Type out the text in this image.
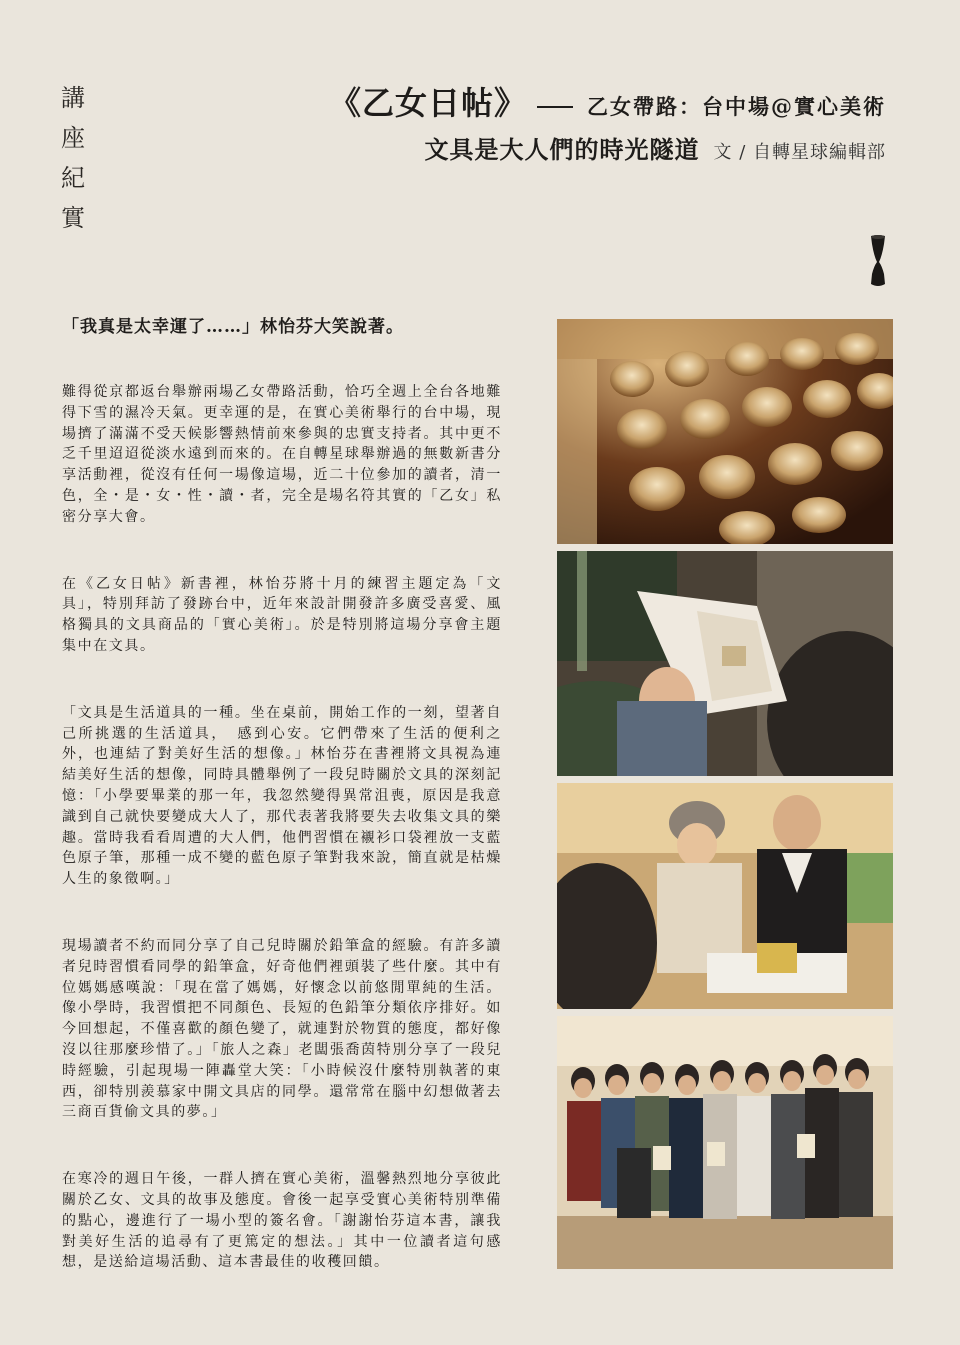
講
座
紀
實
《乙女日帖》	乙女帶路：台中場@實心美術
文具是大人們的時光隧道 文 / 自轉星球編輯部

「我真是太幸運了……」林怡芬大笑說著。

難得從京都返台舉辦兩場乙女帶路活動，恰巧全週上全台各地難得下雪的濕冷天氣。更幸運的是，在實心美術舉行的台中場，現場擠了滿滿不受天候影響熱情前來參與的忠實支持者。其中更不乏千里迢迢從淡水遠到而來的。在自轉星球舉辦過的無數新書分享活動裡，從沒有任何一場像這場，近二十位參加的讀者，清一色，全・是・女・性・讀・者，完全是場名符其實的「乙女」私密分享大會。

在《乙女日帖》新書裡，林怡芬將十月的練習主題定為「文具」，特別拜訪了發跡台中，近年來設計開發許多廣受喜愛、風格獨具的文具商品的「實心美術」。於是特別將這場分享會主題集中在文具。

「文具是生活道具的一種。坐在桌前，開始工作的一刻，望著自己所挑選的生活道具，　感到心安。它們帶來了生活的便利之外，也連結了對美好生活的想像。」林怡芬在書裡將文具視為連結美好生活的想像，同時具體舉例了一段兒時關於文具的深刻記憶：「小學要畢業的那一年，我忽然變得異常沮喪，原因是我意識到自己就快要變成大人了，那代表著我將要失去收集文具的樂趣。當時我看看周遭的大人們，他們習慣在襯衫口袋裡放一支藍色原子筆，那種一成不變的藍色原子筆對我來說，簡直就是枯燥人生的象徵啊。」

現場讀者不約而同分享了自己兒時關於鉛筆盒的經驗。有許多讀者兒時習慣看同學的鉛筆盒，好奇他們裡頭裝了些什麼。其中有位媽媽感嘆說：「現在當了媽媽，好懷念以前悠閒單純的生活。像小學時，我習慣把不同顏色、長短的色鉛筆分類依序排好。如今回想起，不僅喜歡的顏色變了，就連對於物質的態度，都好像沒以往那麼珍惜了。」「旅人之森」老闆張喬茵特別分享了一段兒時經驗，引起現場一陣轟堂大笑：「小時候沒什麼特別執著的東西，卻特別羨慕家中開文具店的同學。還常常在腦中幻想做著去三商百貨偷文具的夢。」

在寒冷的週日午後，一群人擠在實心美術，溫馨熱烈地分享彼此關於乙女、文具的故事及態度。會後一起享受實心美術特別準備的點心，邊進行了一場小型的簽名會。「謝謝怡芬這本書，讓我對美好生活的追尋有了更篤定的想法。」其中一位讀者這句感想，是送給這場活動、這本書最佳的收穫回饋。
